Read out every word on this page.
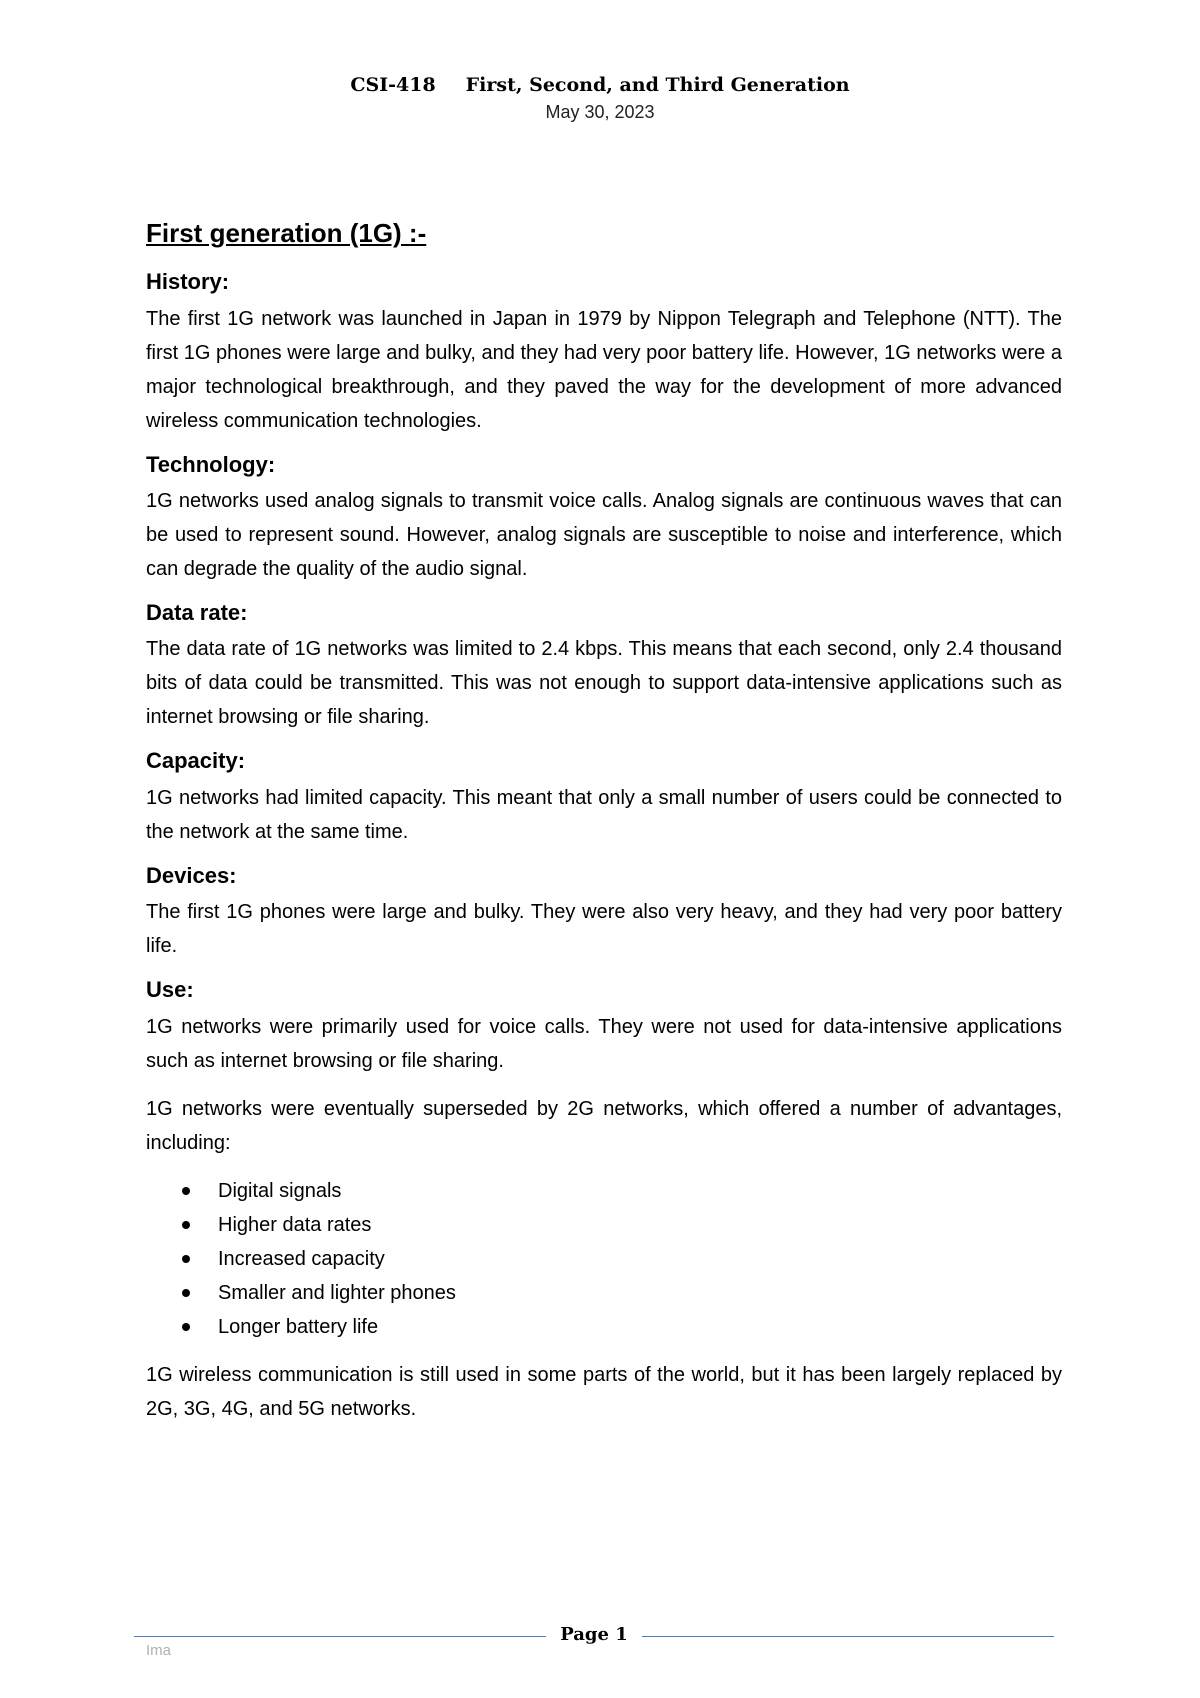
CSI-418 First, Second, and Third Generation
May 30, 2023
First generation (1G) :-
History:

The first 1G network was launched in Japan in 1979 by Nippon Telegraph and Telephone (NTT). The first 1G phones were large and bulky, and they had very poor battery life. However, 1G networks were a major technological breakthrough, and they paved the way for the development of more advanced wireless communication technologies.

Technology:

1G networks used analog signals to transmit voice calls. Analog signals are continuous waves that can be used to represent sound. However, analog signals are susceptible to noise and interference, which can degrade the quality of the audio signal.

Data rate:

The data rate of 1G networks was limited to 2.4 kbps. This means that each second, only 2.4 thousand bits of data could be transmitted. This was not enough to support data-intensive applications such as internet browsing or file sharing.

Capacity:

1G networks had limited capacity. This meant that only a small number of users could be connected to the network at the same time.

Devices:

The first 1G phones were large and bulky. They were also very heavy, and they had very poor battery life.

Use:

1G networks were primarily used for voice calls. They were not used for data-intensive applications such as internet browsing or file sharing.

1G networks were eventually superseded by 2G networks, which offered a number of advantages, including:

Digital signals
Higher data rates
Increased capacity
Smaller and lighter phones
Longer battery life

1G wireless communication is still used in some parts of the world, but it has been largely replaced by 2G, 3G, 4G, and 5G networks.

Page 1
Ima
